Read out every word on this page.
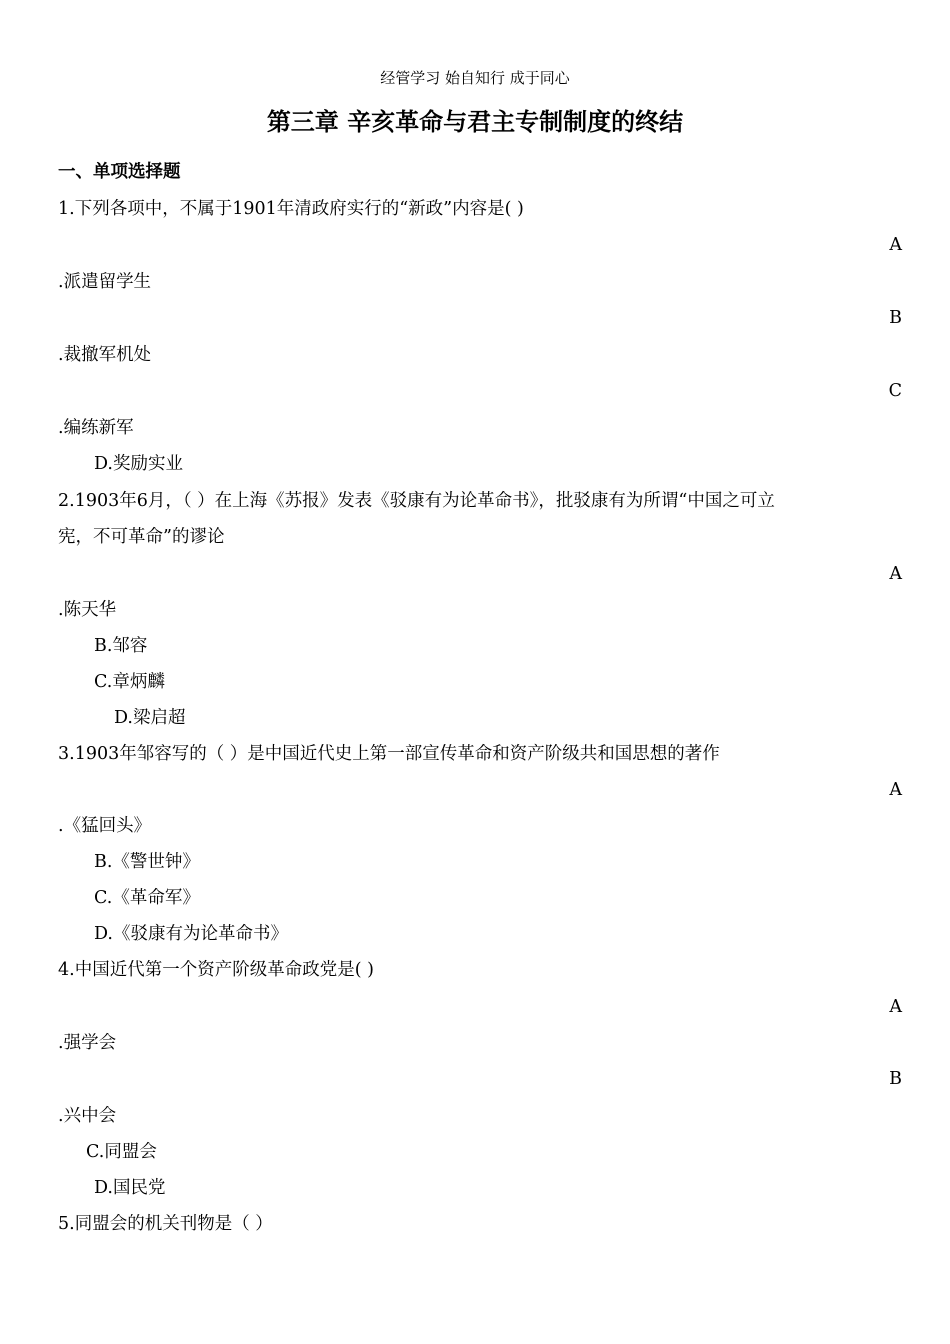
经管学习 始自知行 成于同心
第三章 辛亥革命与君主专制制度的终结
一、单项选择题
1.下列各项中，不属于1901年清政府实行的“新政”内容是( )
A
.派遣留学生
B
.裁撤军机处
C
.编练新军
D.奖励实业
2.1903年6月，（ ）在上海《苏报》发表《驳康有为论革命书》，批驳康有为所谓“中国之可立
宪，不可革命”的谬论
A
.陈天华
B.邹容
C.章炳麟
D.梁启超
3.1903年邹容写的（ ）是中国近代史上第一部宣传革命和资产阶级共和国思想的著作
A
.《猛回头》
B.《警世钟》
C.《革命军》
D.《驳康有为论革命书》
4.中国近代第一个资产阶级革命政党是( )
A
.强学会
B
.兴中会
C.同盟会
D.国民党
5.同盟会的机关刊物是（ ）
